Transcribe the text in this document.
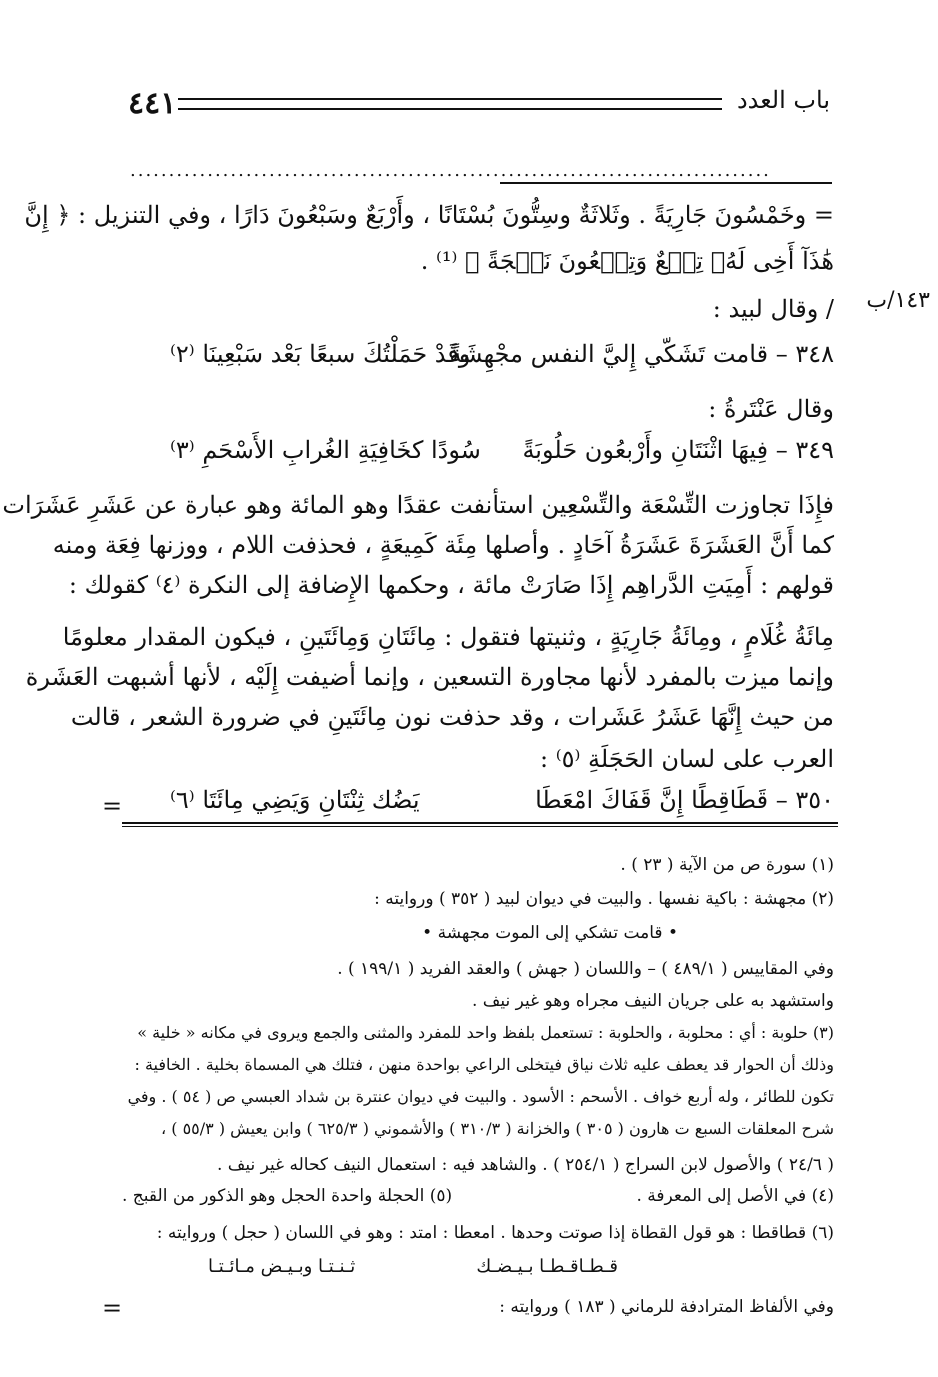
٤٤١	باب العدد
...................................................................................
= وخَمْسُونَ جَارِيَةً . وثَلاثَةٌ وسِتُّونَ بُسْتَانًا ، وأَرْبَعٌ وسَبْعُونَ دَارًا ، وفي التنزيل : ﴿ إِنَّ
هَٰذَآ أَخِى لَهُۥ تِسۡعٌ وَتِسۡعُونَ نَعۡجَةً ﴾ ⁽¹⁾ .
/ وقال لبيد : ١٤٣/ب
٣٤٨ – قامت تَشَكّي إِليَّ النفس مجْهِشَةً
وقَدْ حَمَلْتُكَ سبعًا بَعْد سَبْعِينَا ⁽٢⁾
وقال عَنْتَرةُ :
٣٤٩ – فِيهَا اثْنَتَانِ وأَرْبعُون حَلُوبَةً
سُودًا كخَافِيَةِ الغُرابِ الأَسْحَمِ ⁽٣⁾
فإِذَا تجاوزت التِّسْعَة والتِّسْعِين استأنفت عقدًا وهو المائة وهو عبارة عن عَشَرِ عَشَرَات
كما أَنَّ العَشَرَةَ عَشَرَةُ آحَادٍ . وأصلها مِئَة كَمِيعَةٍ ، فحذفت اللام ، ووزنها فِعَة ومنه
قولهم : أَمِيَتِ الدَّراهِم إِذَا صَارَتْ مائة ، وحكمها الإِضافة إلى النكرة ⁽٤⁾ كقولك :
مِائَةُ غُلَامٍ ، ومِائَةُ جَارِيَةٍ ، وثنيتها فتقول : مِائَتَانِ وَمِائَتَينِ ، فيكون المقدار معلومًا
وإنما ميزت بالمفرد لأنها مجاورة التسعين ، وإنما أضيفت إِلَيْه ، لأنها أشبهت العَشَرة
من حيث إِنَّهَا عَشَرُ عَشَرات ، وقد حذفت نون مِائَتَينِ في ضرورة الشعر ، قالت
العرب على لسان الحَجَلَةِ ⁽٥⁾ :
٣٥٠ – قَطَاقِطًا إِنَّ قَفَاكَ امْعَطَا
يَضُك ثِنْتَانِ وَيَضِي مِائَتَا ⁽٦⁾
=
(١) سورة ص من الآية ( ٢٣ ) .
(٢) مجهشة : باكية نفسها . والبيت في ديوان لبيد ( ٣٥٢ ) وروايته :
• قامت تشكي إلى الموت مجهشة •
وفي المقاييس ( ٤٨٩/١ ) – واللسان ( جهش ) والعقد الفريد ( ١٩٩/١ ) .
واستشهد به على جريان النيف مجراه وهو غير نيف .
(٣) حلوبة : أي : محلوبة ، والحلوبة : تستعمل بلفظ واحد للمفرد والمثنى والجمع ويروى في مكانه « خلية »
وذلك أن الحوار قد يعطف عليه ثلاث نياق فيتخلى الراعي بواحدة منهن ، فتلك هي المسماة بخلية . الخافية :
تكون للطائر ، وله أربع خواف . الأسحم : الأسود . والبيت في ديوان عنترة بن شداد العبسي ص ( ٥٤ ) . وفي
شرح المعلقات السبع ت هارون ( ٣٠٥ ) والخزانة ( ٣١٠/٣ ) والأشموني ( ٦٢٥/٣ ) وابن يعيش ( ٥٥/٣ ) ،
( ٢٤/٦ ) والأصول لابن السراج ( ٢٥٤/١ ) . والشاهد فيه : استعمال النيف كحاله غير نيف .
(٤) في الأصل إلى المعرفة .
(٥) الحجلة واحدة الحجل وهو الذكور من القبج .
(٦) قطاقطا : هو قول القطاة إذا صوتت وحدها . امعطا : امتد : وهو في اللسان ( حجل ) وروايته :
قـطـاقـطـا بـيـضـك
ثـنـتـا وبـيـض مـائـتـا
وفي الألفاظ المترادفة للرماني ( ١٨٣ ) وروايته :
=
